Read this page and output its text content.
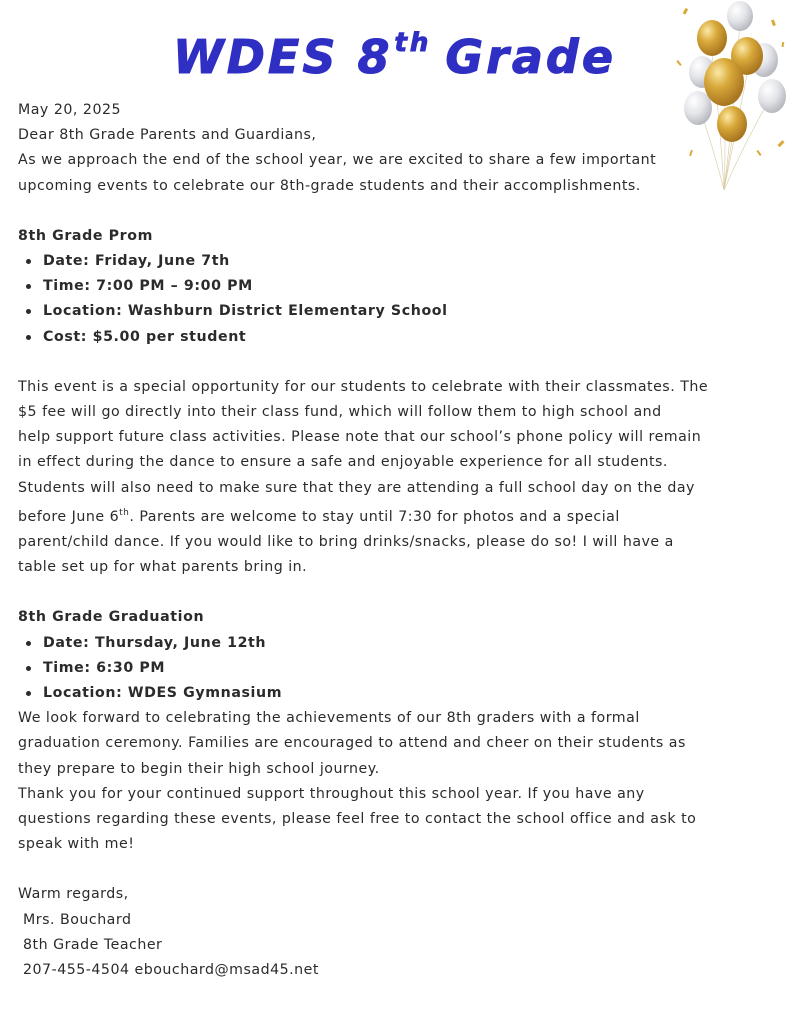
WDES 8th Grade

May 20, 2025

Dear 8th Grade Parents and Guardians,

As we approach the end of the school year, we are excited to share a few important

upcoming events to celebrate our 8th-grade students and their accomplishments.

8th Grade Prom

Date: Friday, June 7th
Time: 7:00 PM – 9:00 PM
Location: Washburn District Elementary School
Cost: $5.00 per student

This event is a special opportunity for our students to celebrate with their classmates. The

$5 fee will go directly into their class fund, which will follow them to high school and

help support future class activities. Please note that our school’s phone policy will remain

in effect during the dance to ensure a safe and enjoyable experience for all students.

Students will also need to make sure that they are attending a full school day on the day

before June 6th. Parents are welcome to stay until 7:30 for photos and a special

parent/child dance. If you would like to bring drinks/snacks, please do so! I will have a

table set up for what parents bring in.

8th Grade Graduation

Date: Thursday, June 12th
Time: 6:30 PM
Location: WDES Gymnasium

We look forward to celebrating the achievements of our 8th graders with a formal

graduation ceremony. Families are encouraged to attend and cheer on their students as

they prepare to begin their high school journey.

Thank you for your continued support throughout this school year. If you have any

questions regarding these events, please feel free to contact the school office and ask to

speak with me!

Warm regards,

Mrs. Bouchard

8th Grade Teacher

207-455-4504 ebouchard@msad45.net
